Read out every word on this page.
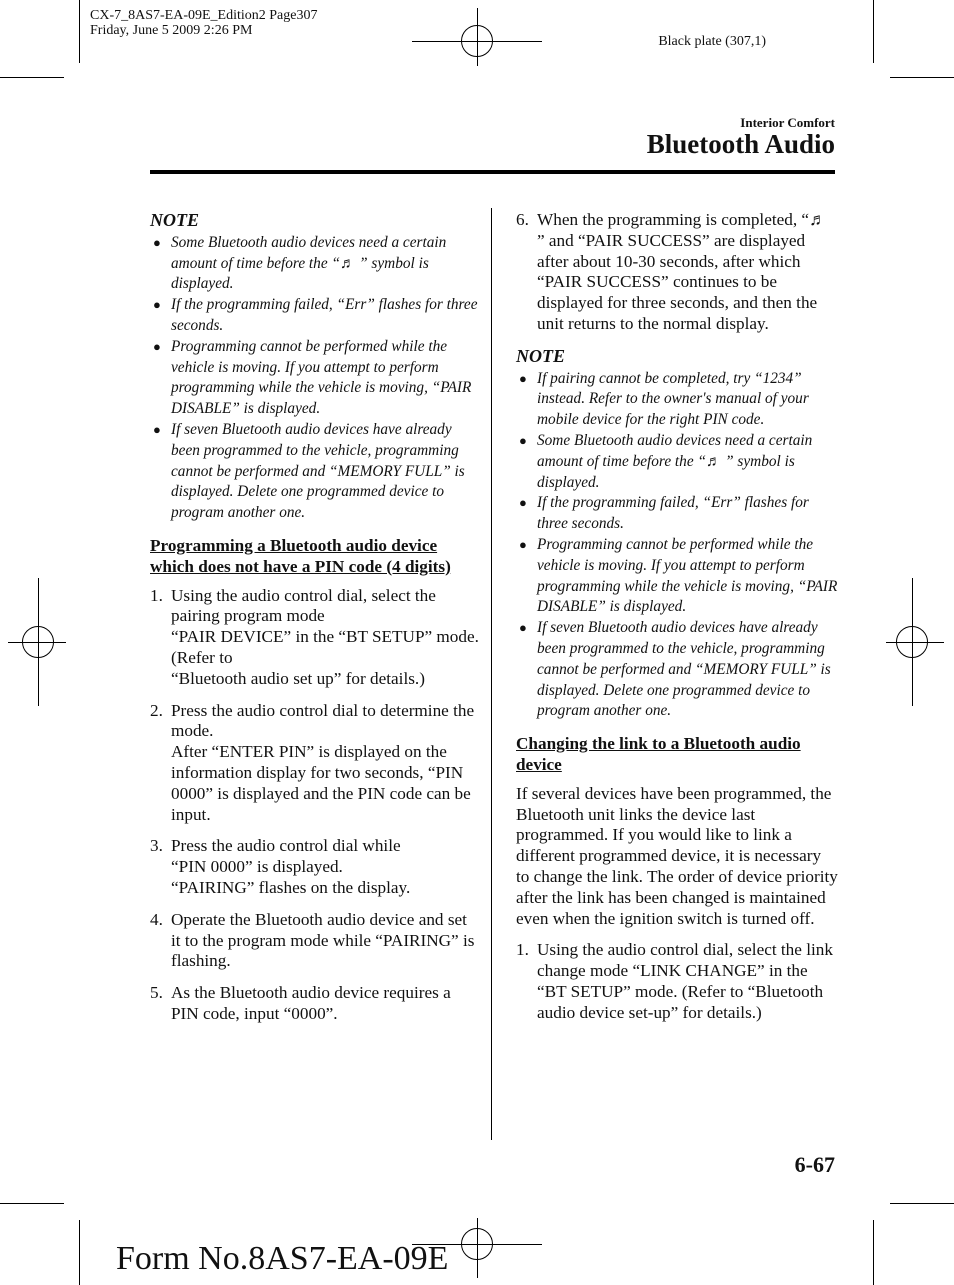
CX-7_8AS7-EA-09E_Edition2 Page307
Friday, June 5 2009 2:26 PM
Black plate (307,1)
Interior Comfort
Bluetooth Audio
NOTE
● Some Bluetooth audio devices need a certain amount of time before the “♬ ” symbol is displayed.
● If the programming failed, “Err” flashes for three seconds.
● Programming cannot be performed while the vehicle is moving. If you attempt to perform programming while the vehicle is moving, “PAIR DISABLE” is displayed.
● If seven Bluetooth audio devices have already been programmed to the vehicle, programming cannot be performed and “MEMORY FULL” is displayed. Delete one programmed device to program another one.
Programming a Bluetooth audio device which does not have a PIN code (4 digits)
1. Using the audio control dial, select the pairing program mode
“PAIR DEVICE” in the “BT SETUP” mode. (Refer to
“Bluetooth audio set up” for details.)
2. Press the audio control dial to determine the mode.
After “ENTER PIN” is displayed on the information display for two seconds, “PIN 0000” is displayed and the PIN code can be input.
3. Press the audio control dial while
“PIN 0000” is displayed.
“PAIRING” flashes on the display.
4. Operate the Bluetooth audio device and set it to the program mode while “PAIRING” is flashing.
5. As the Bluetooth audio device requires a PIN code, input “0000”.
6. When the programming is completed, “♬ ” and “PAIR SUCCESS” are displayed after about 10-30 seconds, after which “PAIR SUCCESS” continues to be displayed for three seconds, and then the unit returns to the normal display.
NOTE
● If pairing cannot be completed, try “1234” instead. Refer to the owner's manual of your mobile device for the right PIN code.
● Some Bluetooth audio devices need a certain amount of time before the “♬ ” symbol is displayed.
● If the programming failed, “Err” flashes for three seconds.
● Programming cannot be performed while the vehicle is moving. If you attempt to perform programming while the vehicle is moving, “PAIR DISABLE” is displayed.
● If seven Bluetooth audio devices have already been programmed to the vehicle, programming cannot be performed and “MEMORY FULL” is displayed. Delete one programmed device to program another one.
Changing the link to a Bluetooth audio device

If several devices have been programmed, the Bluetooth unit links the device last programmed. If you would like to link a different programmed device, it is necessary to change the link. The order of device priority after the link has been changed is maintained even when the ignition switch is turned off.

1. Using the audio control dial, select the link change mode “LINK CHANGE” in the “BT SETUP” mode. (Refer to “Bluetooth audio device set-up” for details.)
6-67
Form No.8AS7-EA-09E
